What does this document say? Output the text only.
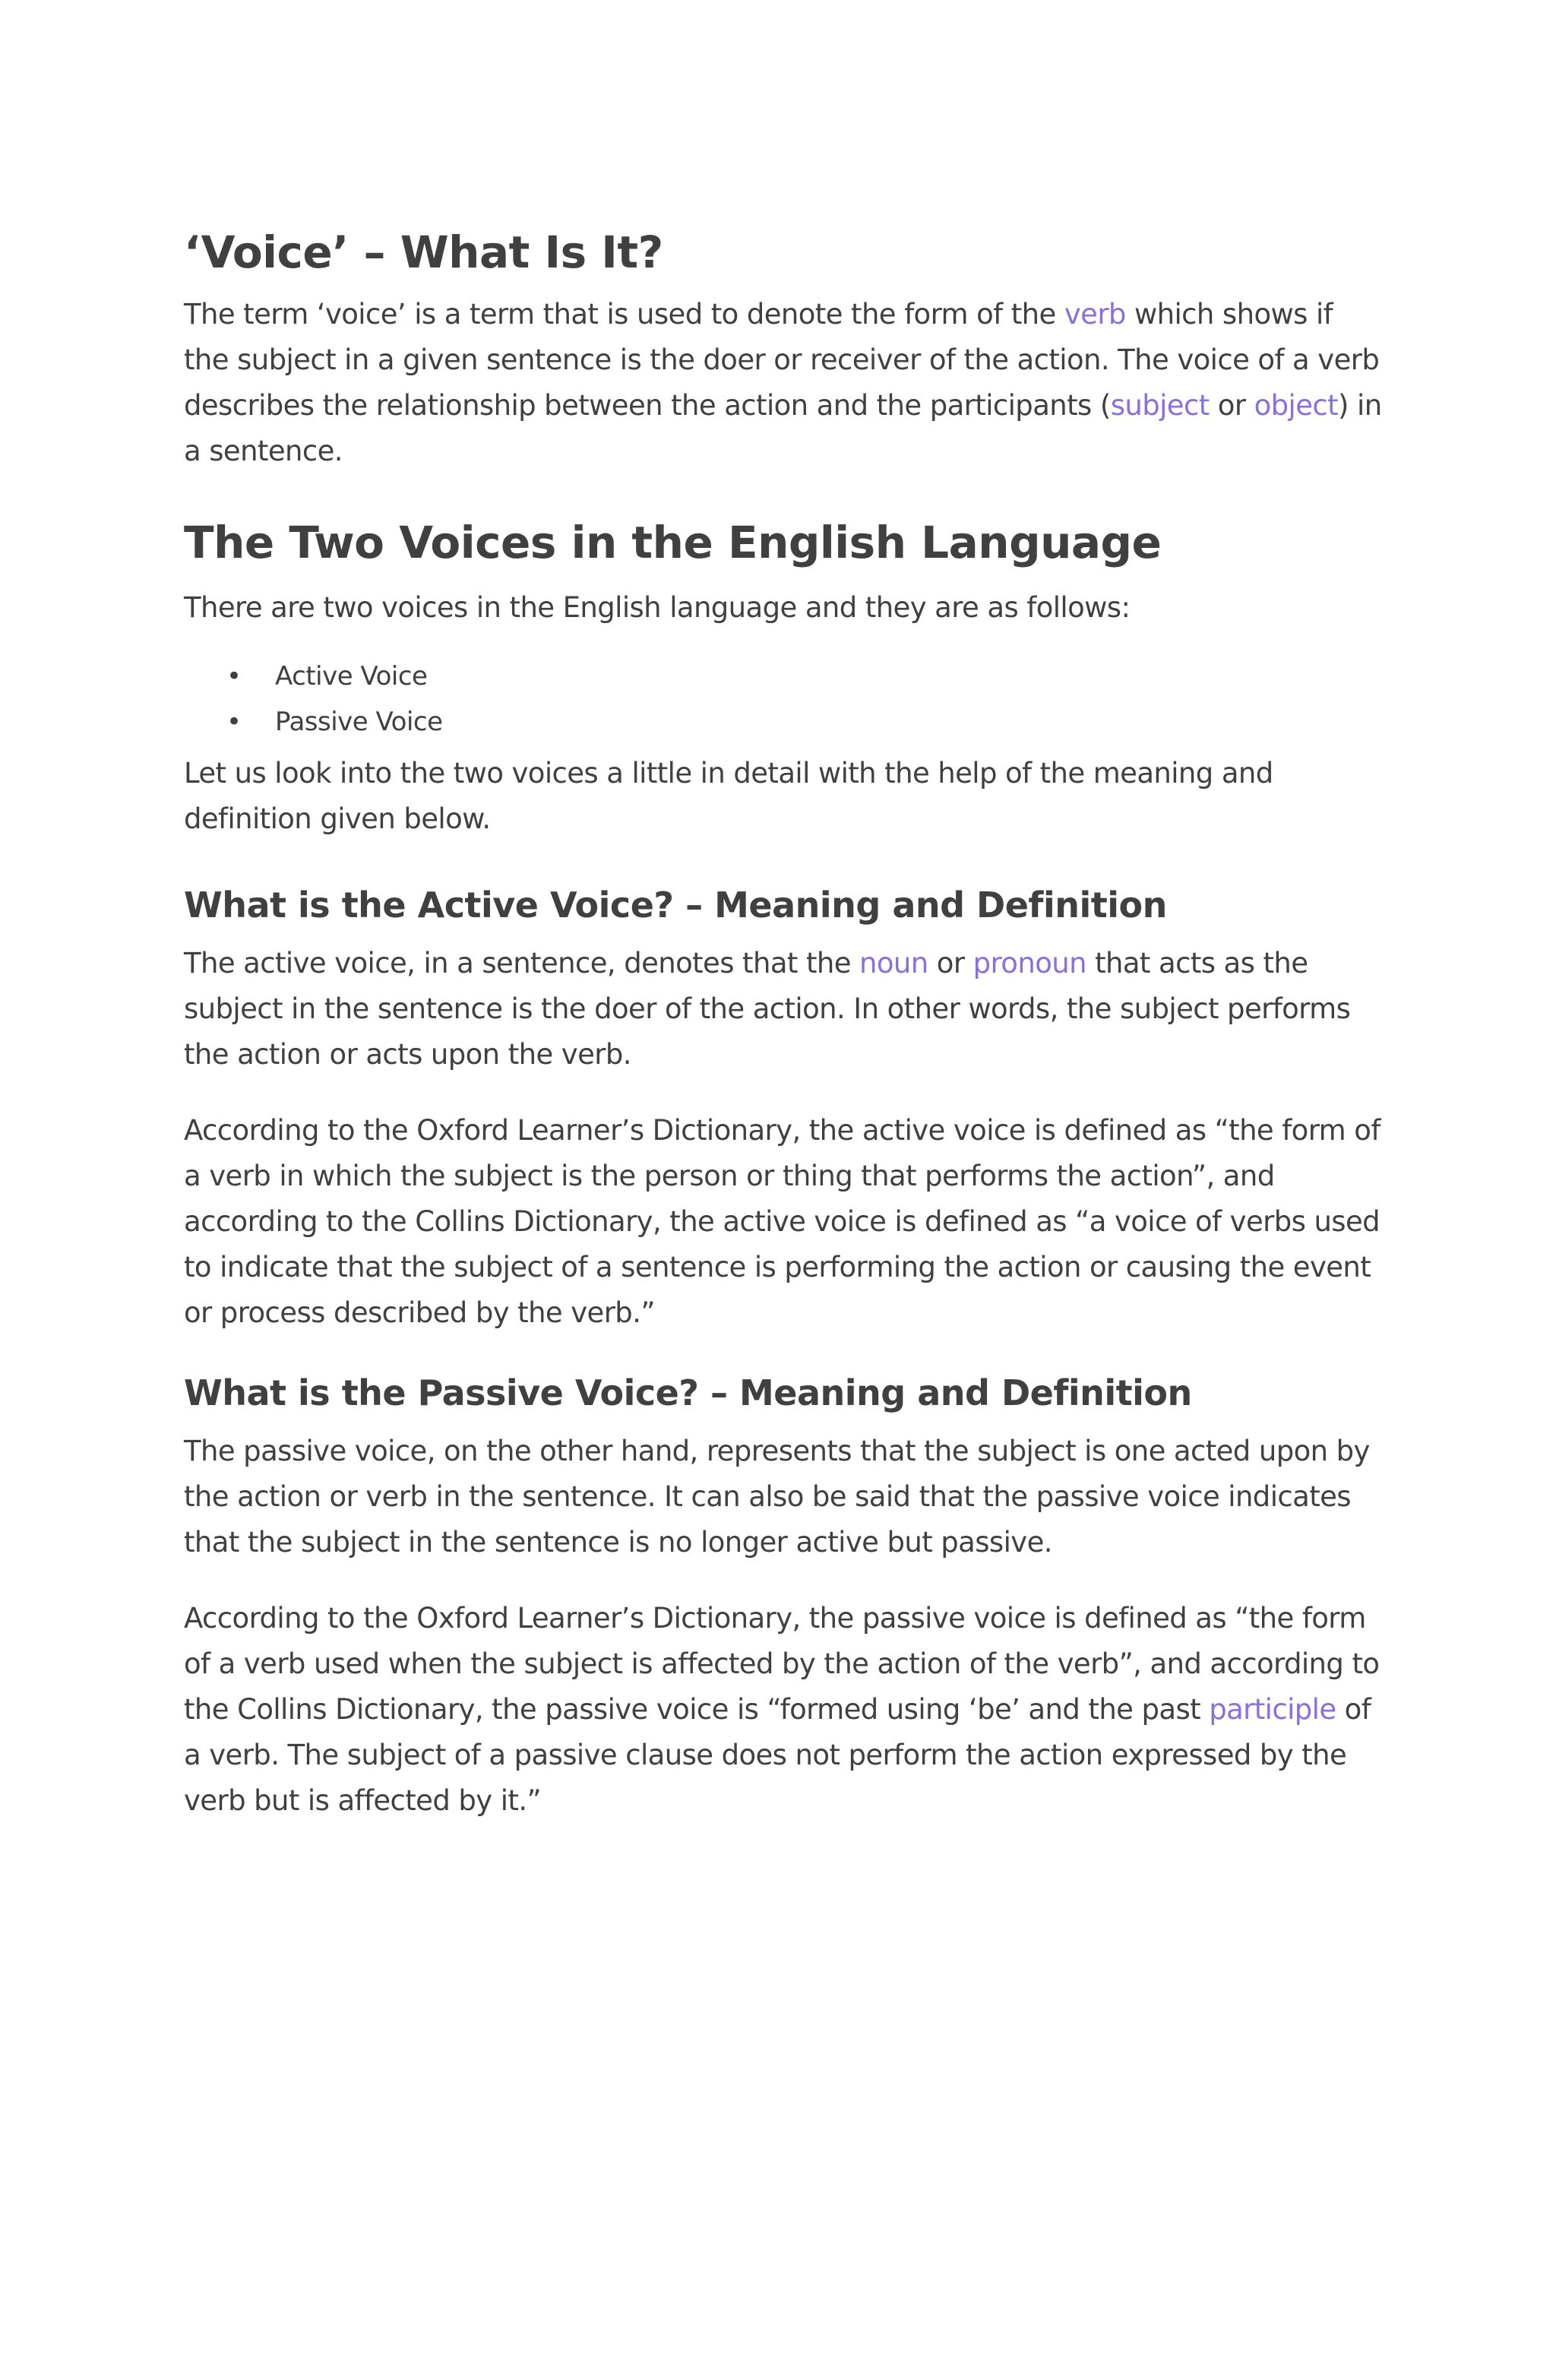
‘Voice’ – What Is It?

The term ‘voice’ is a term that is used to denote the form of the verb which shows if the subject in a given sentence is the doer or receiver of the action. The voice of a verb describes the relationship between the action and the participants (subject or object) in a sentence.

The Two Voices in the English Language

There are two voices in the English language and they are as follows:

• Active Voice
• Passive Voice

Let us look into the two voices a little in detail with the help of the meaning and definition given below.

What is the Active Voice? – Meaning and Definition

The active voice, in a sentence, denotes that the noun or pronoun that acts as the subject in the sentence is the doer of the action. In other words, the subject performs the action or acts upon the verb.

According to the Oxford Learner’s Dictionary, the active voice is defined as “the form of a verb in which the subject is the person or thing that performs the action”, and according to the Collins Dictionary, the active voice is defined as “a voice of verbs used to indicate that the subject of a sentence is performing the action or causing the event or process described by the verb.”

What is the Passive Voice? – Meaning and Definition

The passive voice, on the other hand, represents that the subject is one acted upon by the action or verb in the sentence. It can also be said that the passive voice indicates that the subject in the sentence is no longer active but passive.

According to the Oxford Learner’s Dictionary, the passive voice is defined as “the form of a verb used when the subject is affected by the action of the verb”, and according to the Collins Dictionary, the passive voice is “formed using ‘be’ and the past participle of a verb. The subject of a passive clause does not perform the action expressed by the verb but is affected by it.”
